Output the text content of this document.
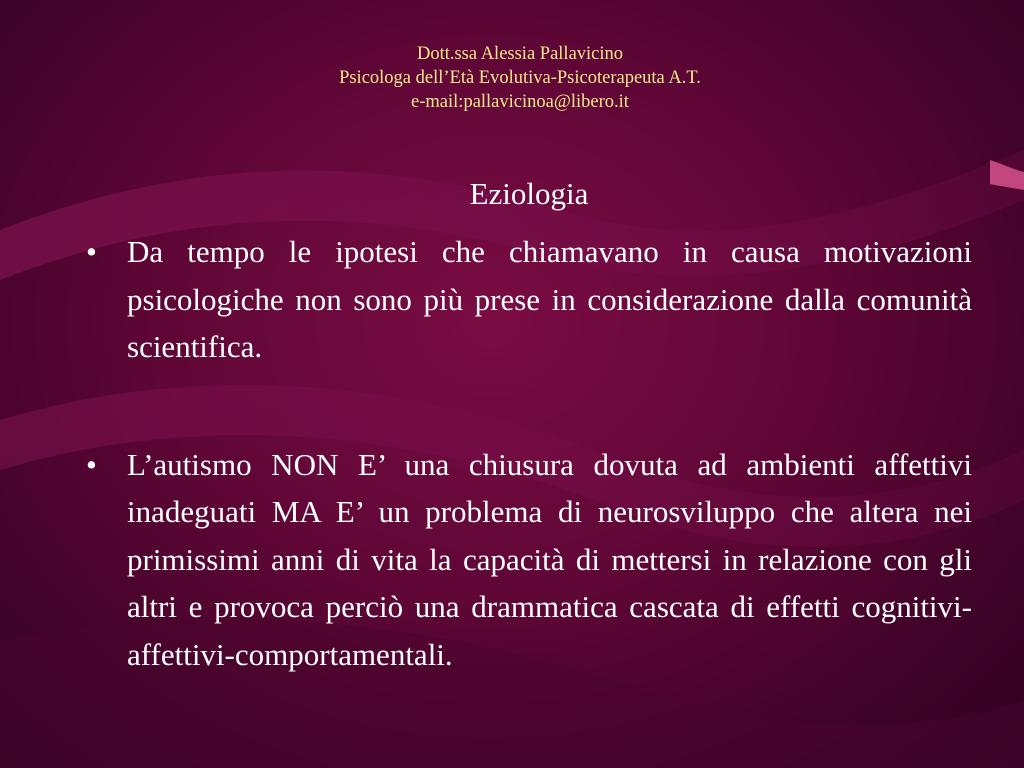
Dott.ssa Alessia Pallavicino
Psicologa dell’Età Evolutiva-Psicoterapeuta A.T.
e-mail:pallavicinoa@libero.it
Eziologia
• Da tempo le ipotesi che chiamavano in causa motivazioni psicologiche non sono più prese in considerazione dalla comunità scientifica.
• L’autismo NON E’ una chiusura dovuta ad ambienti affettivi inadeguati MA E’ un problema di neurosviluppo che altera nei primissimi anni di vita la capacità di mettersi in relazione con gli altri e provoca perciò una drammatica cascata di effetti cognitivi-affettivi-comportamentali.
